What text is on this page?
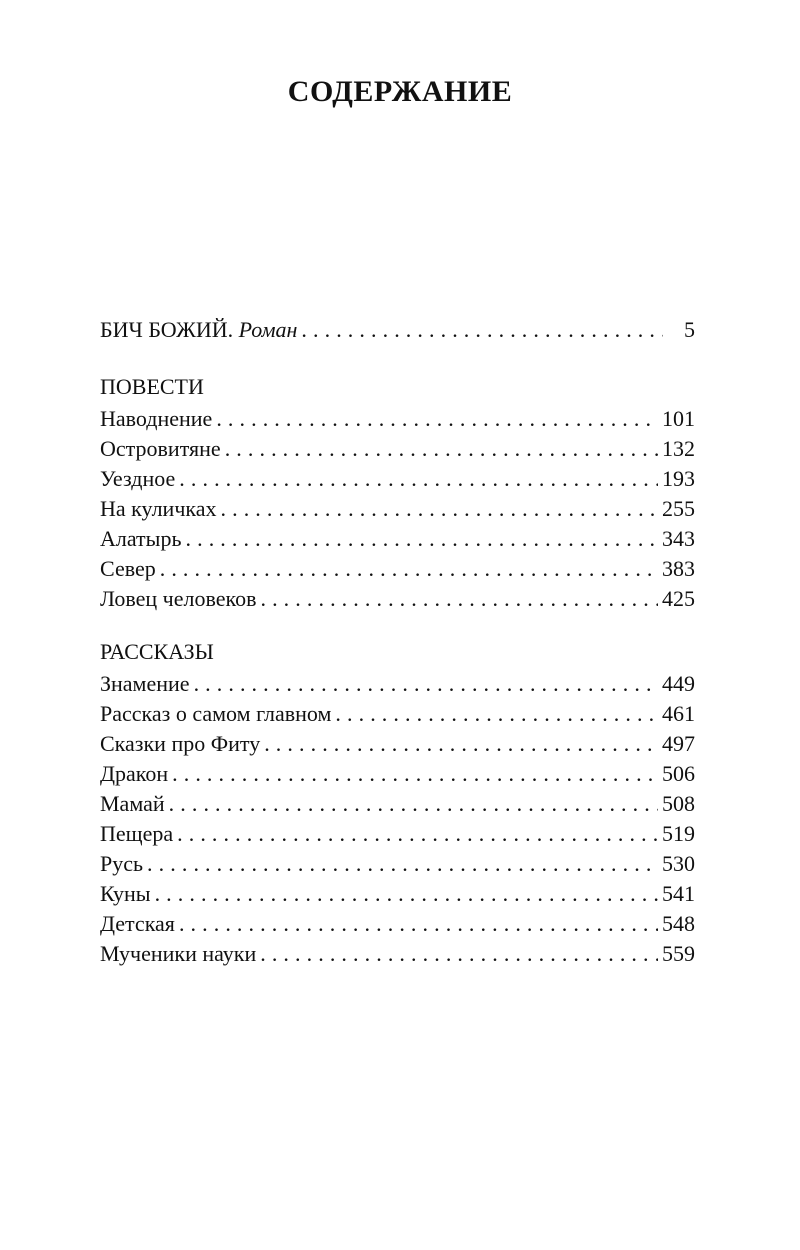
СОДЕРЖАНИЕ
БИЧ БОЖИЙ. Роман . . .	5
ПОВЕСТИ
Наводнение . . .	101
Островитяне . . .	132
Уездное . . .	193
На куличках . . .	255
Алатырь . . .	343
Север . . .	383
Ловец человеков . . .	425
РАССКАЗЫ
Знамение . . .	449
Рассказ о самом главном . . .	461
Сказки про Фиту . . .	497
Дракон . . .	506
Мамай . . .	508
Пещера . . .	519
Русь . . .	530
Куны . . .	541
Детская . . .	548
Мученики науки . . .	559
